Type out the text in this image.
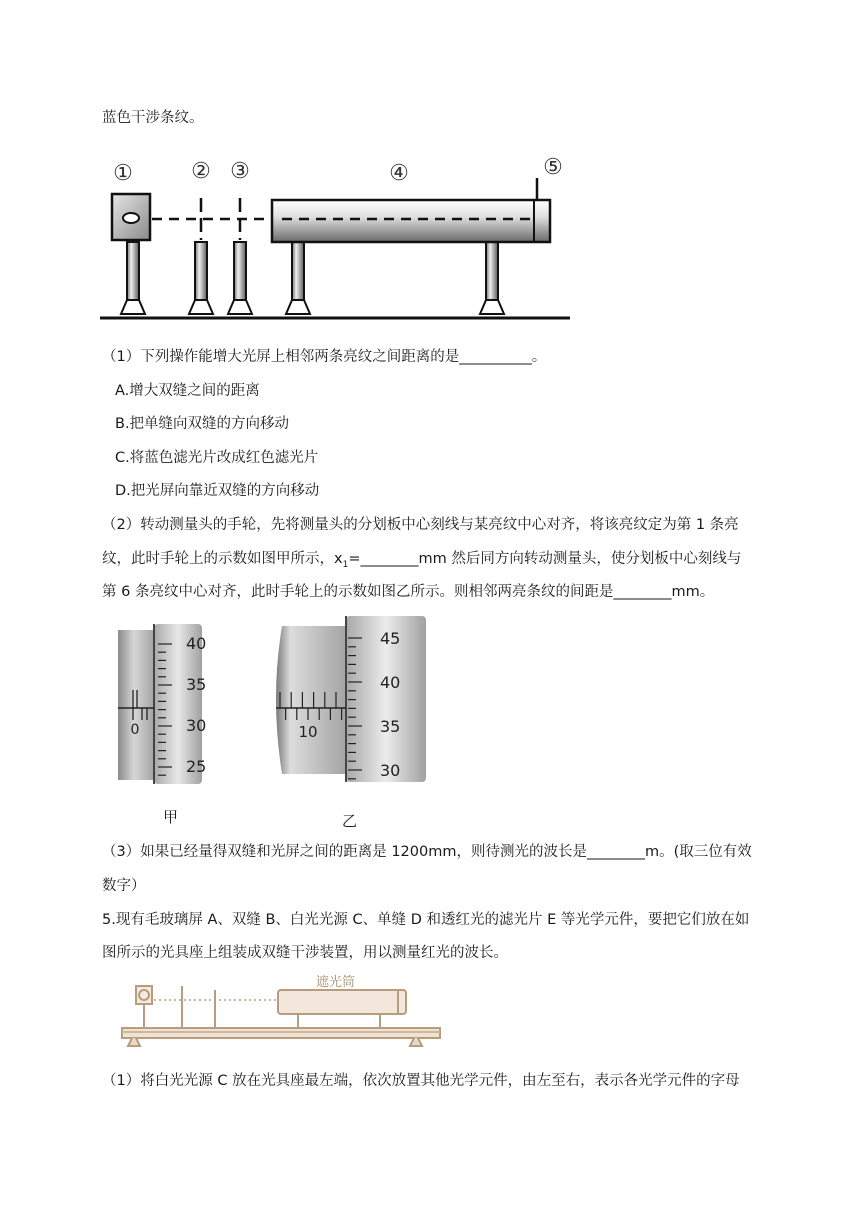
蓝色干涉条纹。
①	② ③	④	⑤
（1）下列操作能增大光屏上相邻两条亮纹之间距离的是__________。
A.增大双缝之间的距离
B.把单缝向双缝的方向移动
C.将蓝色滤光片改成红色滤光片
D.把光屏向靠近双缝的方向移动
（2）转动测量头的手轮，先将测量头的分划板中心刻线与某亮纹中心对齐，将该亮纹定为第 1 条亮
纹，此时手轮上的示数如图甲所示，$x_1=\_\_\_\_\_\_\_\_mm$ 然后同方向转动测量头，使分划板中心刻线与
第 6 条亮纹中心对齐，此时手轮上的示数如图乙所示。则相邻两亮条纹的间距是________mm。
0
40
35
30
25
10
45
40
35
30
甲	乙
（3）如果已经量得双缝和光屏之间的距离是 1200mm，则待测光的波长是________m。(取三位有效
数字）
5.现有毛玻璃屏 A、双缝 B、白光光源 C、单缝 D 和透红光的滤光片 E 等光学元件，要把它们放在如
图所示的光具座上组装成双缝干涉装置，用以测量红光的波长。
遮光筒
（1）将白光光源 C 放在光具座最左端，依次放置其他光学元件，由左至右，表示各光学元件的字母
